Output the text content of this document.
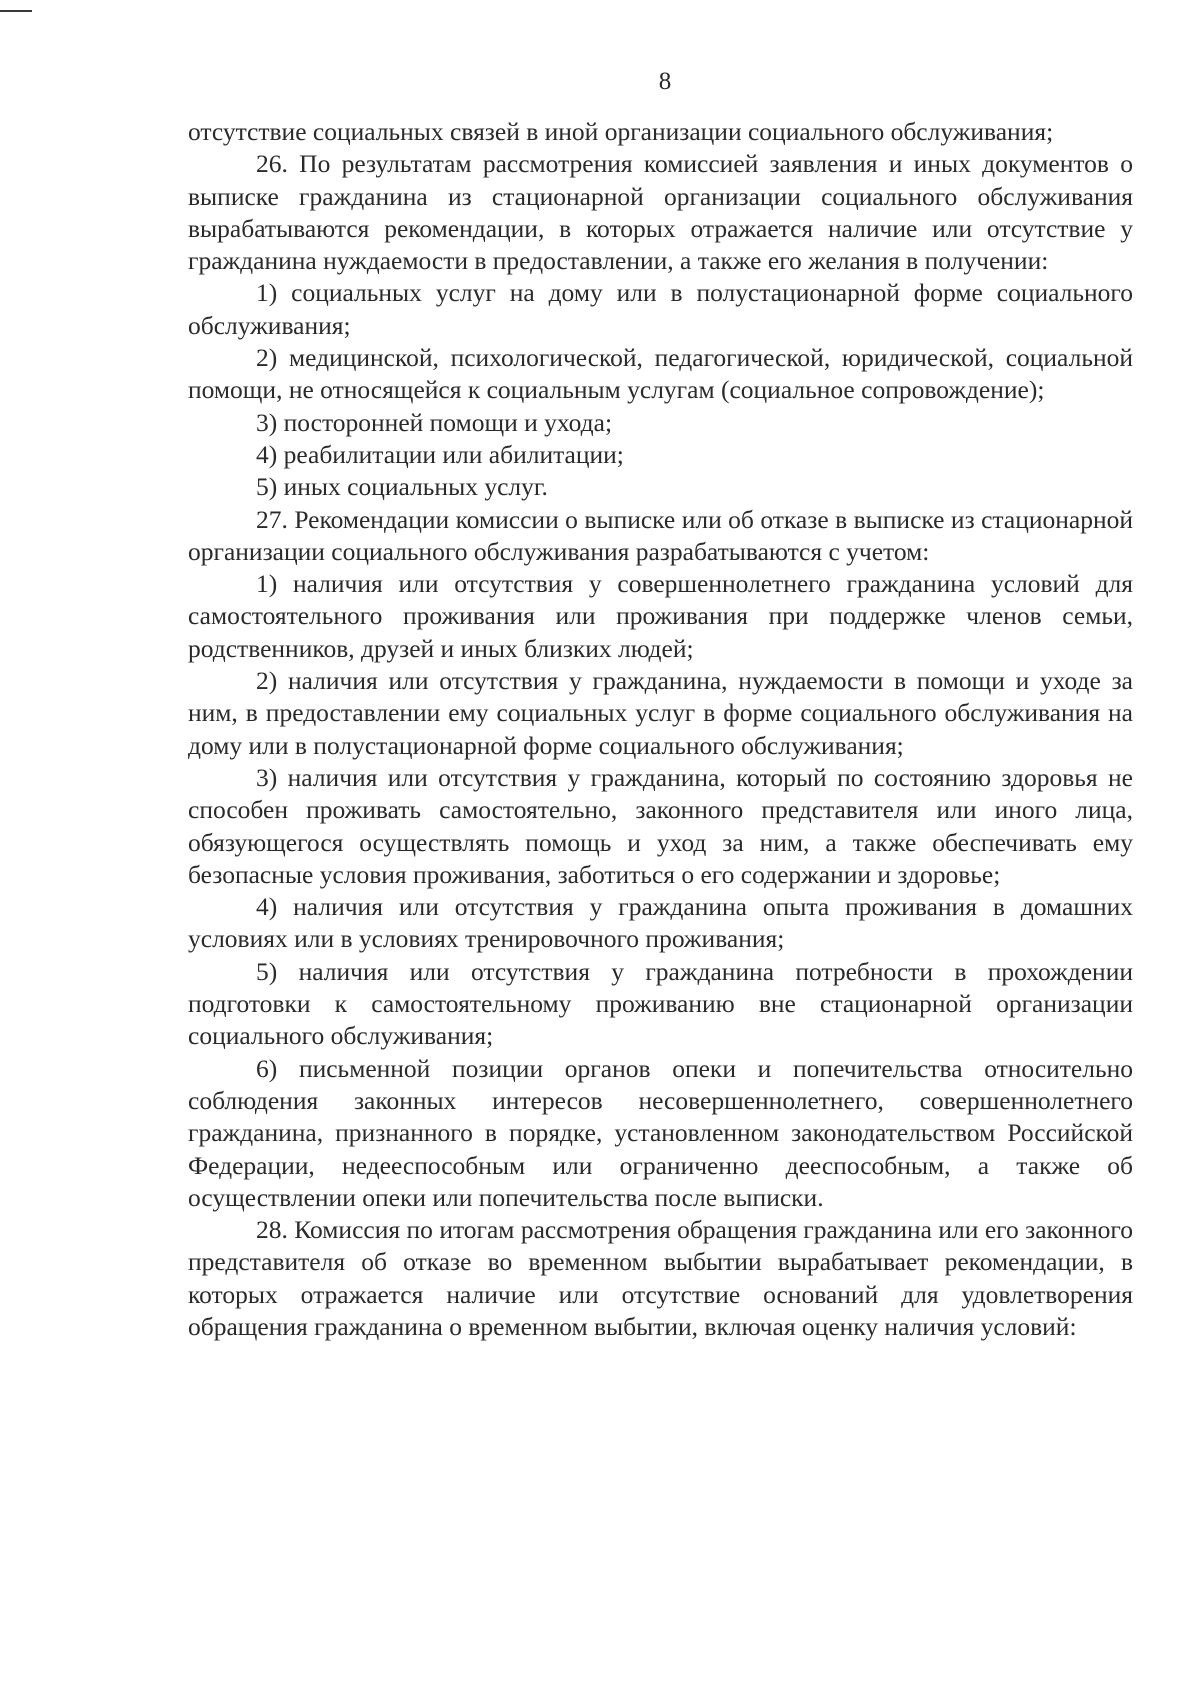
8

отсутствие социальных связей в иной организации социального обслуживания;

26. По результатам рассмотрения комиссией заявления и иных документов о выписке гражданина из стационарной организации социального обслуживания вырабатываются рекомендации, в которых отражается наличие или отсутствие у гражданина нуждаемости в предоставлении, а также его желания в получении:

1) социальных услуг на дому или в полустационарной форме социального обслуживания;

2) медицинской, психологической, педагогической, юридической, социальной помощи, не относящейся к социальным услугам (социальное сопровождение);

3) посторонней помощи и ухода;

4) реабилитации или абилитации;

5) иных социальных услуг.

27. Рекомендации комиссии о выписке или об отказе в выписке из стационарной организации социального обслуживания разрабатываются с учетом:

1) наличия или отсутствия у совершеннолетнего гражданина условий для самостоятельного проживания или проживания при поддержке членов семьи, родственников, друзей и иных близких людей;

2) наличия или отсутствия у гражданина, нуждаемости в помощи и уходе за ним, в предоставлении ему социальных услуг в форме социального обслуживания на дому или в полустационарной форме социального обслуживания;

3) наличия или отсутствия у гражданина, который по состоянию здоровья не способен проживать самостоятельно, законного представителя или иного лица, обязующегося осуществлять помощь и уход за ним, а также обеспечивать ему безопасные условия проживания, заботиться о его содержании и здоровье;

4) наличия или отсутствия у гражданина опыта проживания в домашних условиях или в условиях тренировочного проживания;

5) наличия или отсутствия у гражданина потребности в прохождении подготовки к самостоятельному проживанию вне стационарной организации социального обслуживания;

6) письменной позиции органов опеки и попечительства относительно соблюдения законных интересов несовершеннолетнего, совершеннолетнего гражданина, признанного в порядке, установленном законодательством Российской Федерации, недееспособным или ограниченно дееспособным, а также об осуществлении опеки или попечительства после выписки.

28. Комиссия по итогам рассмотрения обращения гражданина или его законного представителя об отказе во временном выбытии вырабатывает рекомендации, в которых отражается наличие или отсутствие оснований для удовлетворения обращения гражданина о временном выбытии, включая оценку наличия условий:
